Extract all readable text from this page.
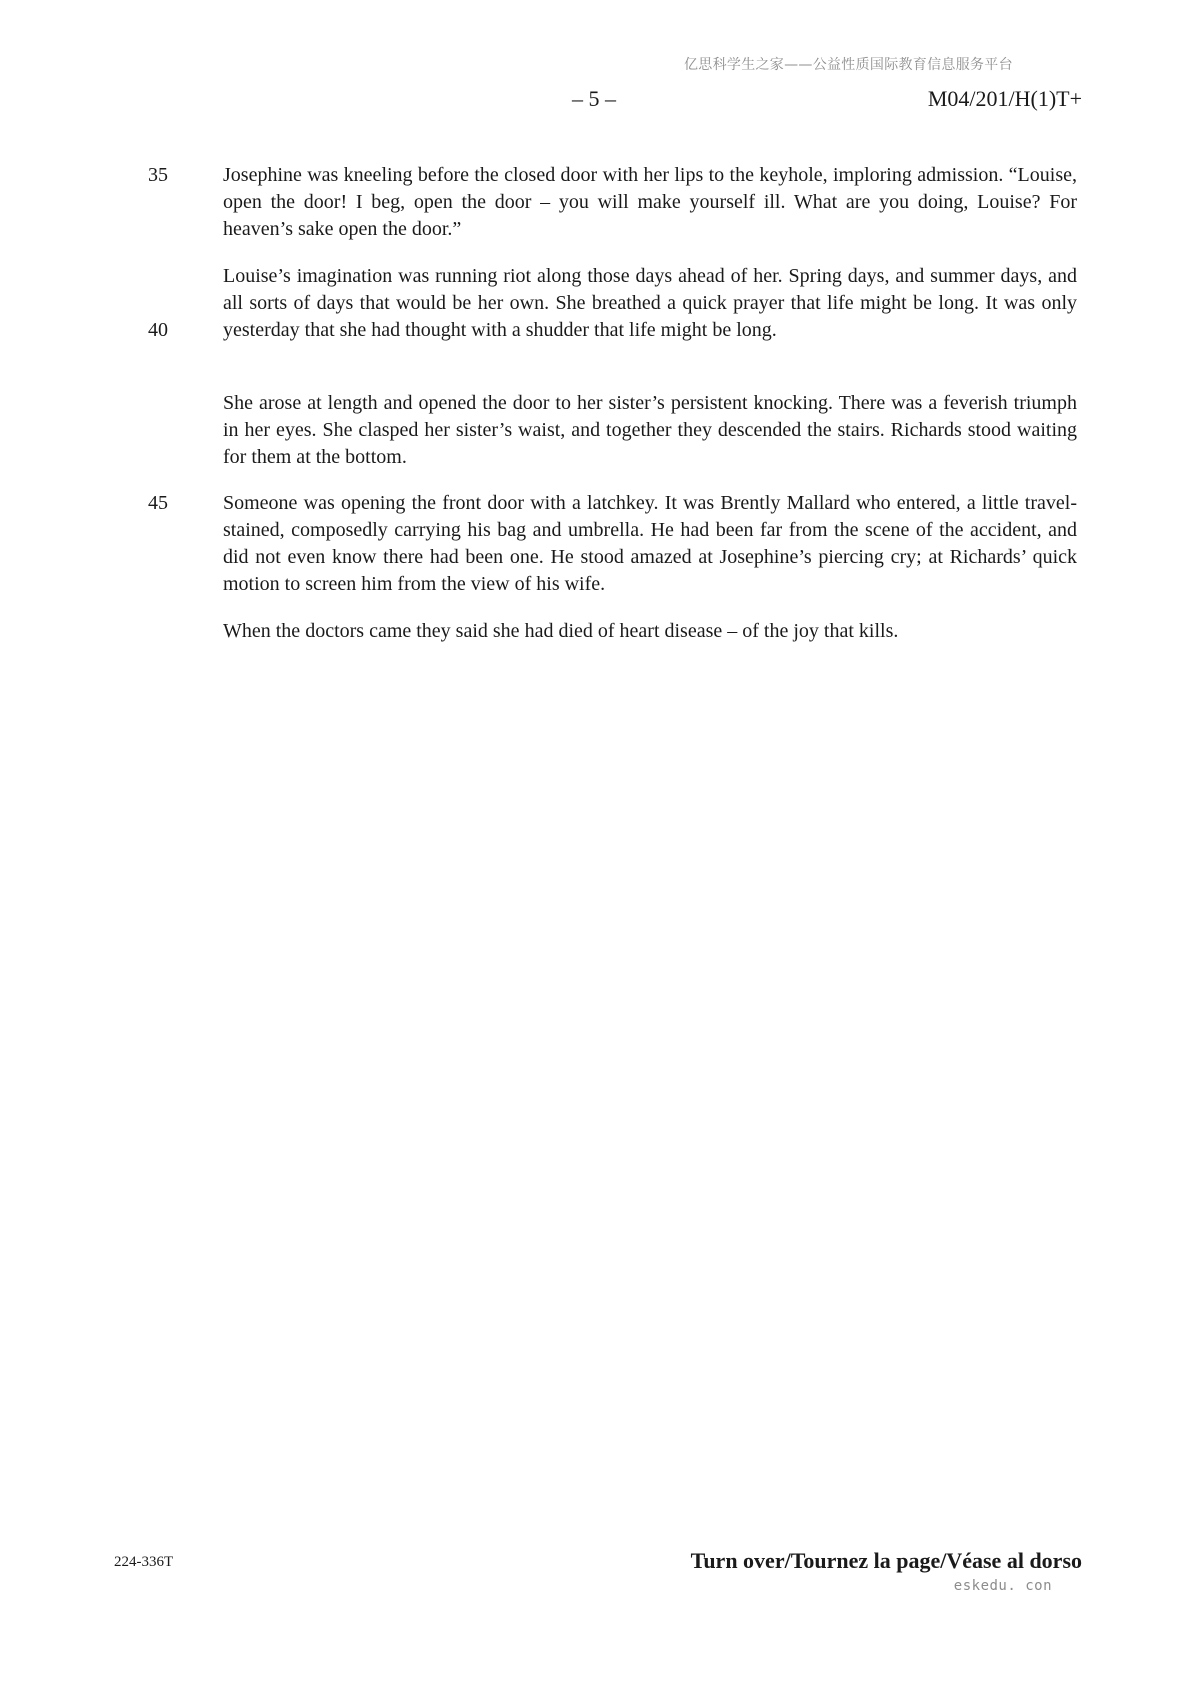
亿思科学生之家——公益性质国际教育信息服务平台
– 5 –	M04/201/H(1)T+
35	Josephine was kneeling before the closed door with her lips to the keyhole, imploring admission. “Louise, open the door! I beg, open the door – you will make yourself ill. What are you doing, Louise? For heaven’s sake open the door.”

Louise’s imagination was running riot along those days ahead of her. Spring days, and summer days, and all sorts of days that would be her own. She breathed a quick prayer that life might be long. It was only yesterday that she had thought with a shudder that life might be long.

40

She arose at length and opened the door to her sister’s persistent knocking. There was a feverish triumph in her eyes. She clasped her sister’s waist, and together they descended the stairs. Richards stood waiting for them at the bottom.

45	Someone was opening the front door with a latchkey. It was Brently Mallard who entered, a little travel-stained, composedly carrying his bag and umbrella. He had been far from the scene of the accident, and did not even know there had been one. He stood amazed at Josephine’s piercing cry; at Richards’ quick motion to screen him from the view of his wife.

When the doctors came they said she had died of heart disease – of the joy that kills.

224-336T	Turn over/Tournez la page/Véase al dorso
eskedu. con
